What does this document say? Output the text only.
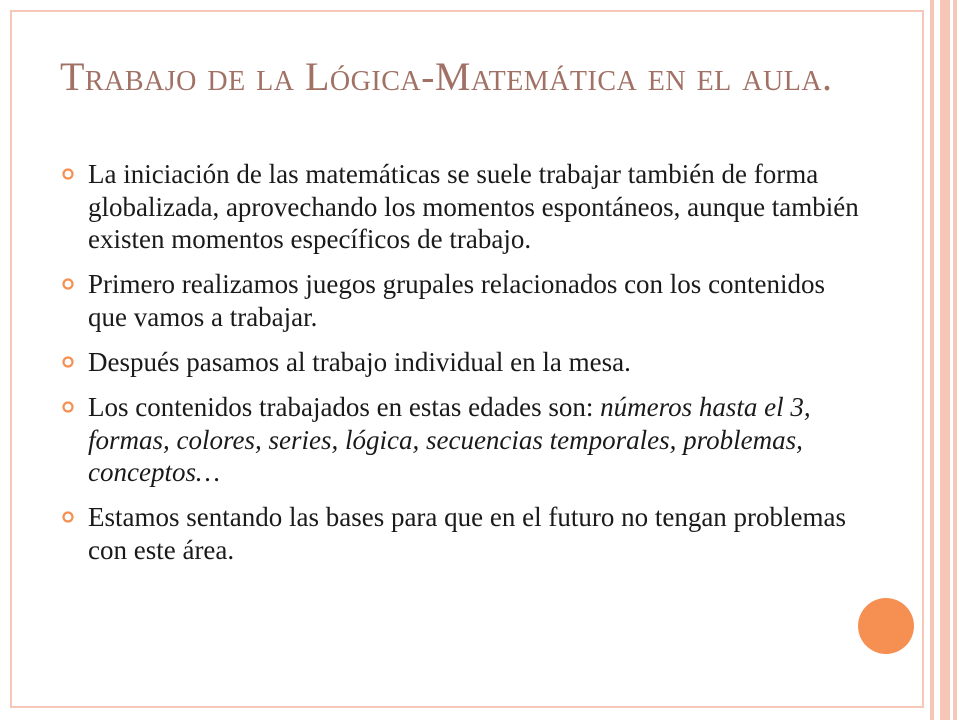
Trabajo de la Lógica-Matemática en el aula.
La iniciación de las matemáticas se suele trabajar también de forma globalizada, aprovechando los momentos espontáneos, aunque también existen momentos específicos de trabajo.
Primero realizamos juegos grupales relacionados con los contenidos que vamos a trabajar.
Después pasamos al trabajo individual en la mesa.
Los contenidos trabajados en estas edades son: números hasta el 3, formas, colores, series, lógica, secuencias temporales, problemas, conceptos…
Estamos sentando las bases para que en el futuro no tengan problemas con este área.
